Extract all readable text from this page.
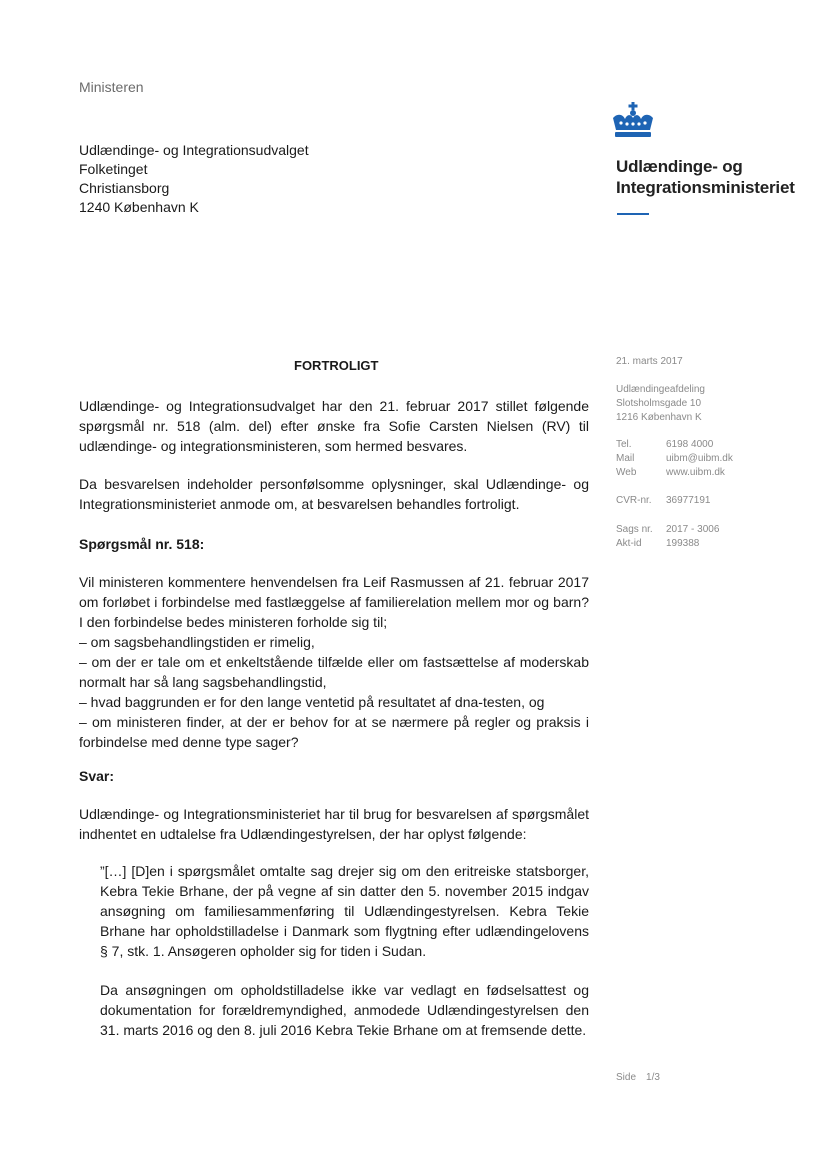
Ministeren
Udlændinge- og Integrationsudvalget
Folketinget
Christiansborg
1240 København K
Udlændinge- og
Integrationsministeriet
FORTROLIGT
Udlændinge- og Integrationsudvalget har den 21. februar 2017 stillet følgende spørgsmål nr. 518 (alm. del) efter ønske fra Sofie Carsten Nielsen (RV) til udlændinge- og integrationsministeren, som hermed besvares.
Da besvarelsen indeholder personfølsomme oplysninger, skal Udlændinge- og Integrationsministeriet anmode om, at besvarelsen behandles fortroligt.
Spørgsmål nr. 518:
Vil ministeren kommentere henvendelsen fra Leif Rasmussen af 21. februar 2017 om forløbet i forbindelse med fastlæggelse af familierelation mellem mor og barn? I den forbindelse bedes ministeren forholde sig til;
– om sagsbehandlingstiden er rimelig,
– om der er tale om et enkeltstående tilfælde eller om fastsættelse af moderskab normalt har så lang sagsbehandlingstid,
– hvad baggrunden er for den lange ventetid på resultatet af dna-testen, og
– om ministeren finder, at der er behov for at se nærmere på regler og praksis i forbindelse med denne type sager?
Svar:
Udlændinge- og Integrationsministeriet har til brug for besvarelsen af spørgsmålet indhentet en udtalelse fra Udlændingestyrelsen, der har oplyst følgende:
”[…] [D]en i spørgsmålet omtalte sag drejer sig om den eritreiske statsborger, Kebra Tekie Brhane, der på vegne af sin datter den 5. november 2015 indgav ansøgning om familiesammenføring til Udlændingestyrelsen. Kebra Tekie Brhane har opholdstilladelse i Danmark som flygtning efter udlændingelovens § 7, stk. 1. Ansøgeren opholder sig for tiden i Sudan.
Da ansøgningen om opholdstilladelse ikke var vedlagt en fødselsattest og dokumentation for forældremyndighed, anmodede Udlændingestyrelsen den 31. marts 2016 og den 8. juli 2016 Kebra Tekie Brhane om at fremsende dette.
21. marts 2017
Udlændingeafdeling
Slotsholmsgade 10
1216 København K
Tel.	6198 4000
Mail	uibm@uibm.dk
Web	www.uibm.dk
CVR-nr.	36977191
Sags nr.	2017 - 3006
Akt-id	199388
Side 1/3
